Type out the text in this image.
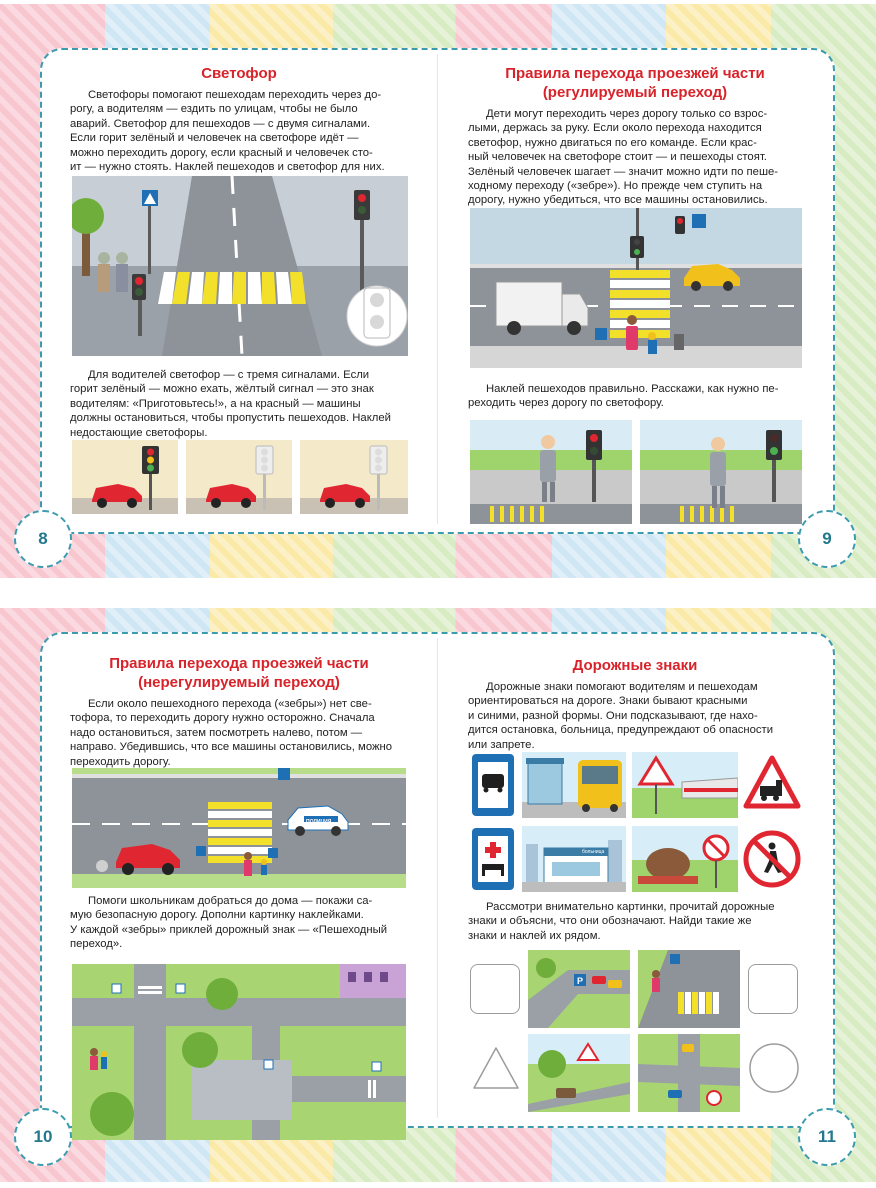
8	9
Светофор
Светофоры помогают пешеходам переходить через до-
рогу, а водителям — ездить по улицам, чтобы не было
аварий. Светофор для пешеходов — с двумя сигналами.
Если горит зелёный и человечек на светофоре идёт —
можно переходить дорогу, если красный и человечек сто-
ит — нужно стоять. Наклей пешеходов и светофор для них.
Для водителей светофор — с тремя сигналами. Если
горит зелёный — можно ехать, жёлтый сигнал — это знак
водителям: «Приготовьтесь!», а на красный — машины
должны остановиться, чтобы пропустить пешеходов. Наклей
недостающие светофоры.
Правила перехода проезжей части
(регулируемый переход)
Дети могут переходить через дорогу только со взрос-
лыми, держась за руку. Если около перехода находится
светофор, нужно двигаться по его команде. Если крас-
ный человечек на светофоре стоит — и пешеходы стоят.
Зелёный человечек шагает — значит можно идти по пеше-
ходному переходу («зебре»). Но прежде чем ступить на
дорогу, нужно убедиться, что все машины остановились.
Наклей пешеходов правильно. Расскажи, как нужно пе-
реходить через дорогу по светофору.
10	11
Правила перехода проезжей части
(нерегулируемый переход)
Если около пешеходного перехода («зебры») нет све-
тофора, то переходить дорогу нужно осторожно. Сначала
надо остановиться, затем посмотреть налево, потом —
направо. Убедившись, что все машины остановились, можно
переходить дорогу.
ПОЛИЦИЯ
Помоги школьникам добраться до дома — покажи са-
мую безопасную дорогу. Дополни картинку наклейками.
У каждой «зебры» приклей дорожный знак — «Пешеходный
переход».
Дорожные знаки
Дорожные знаки помогают водителям и пешеходам
ориентироваться на дороге. Знаки бывают красными
и синими, разной формы. Они подсказывают, где нахо-
дится остановка, больница, предупреждают об опасности
или запрете.
больница
Рассмотри внимательно картинки, прочитай дорожные
знаки и объясни, что они обозначают. Найди такие же
знаки и наклей их рядом.
P
